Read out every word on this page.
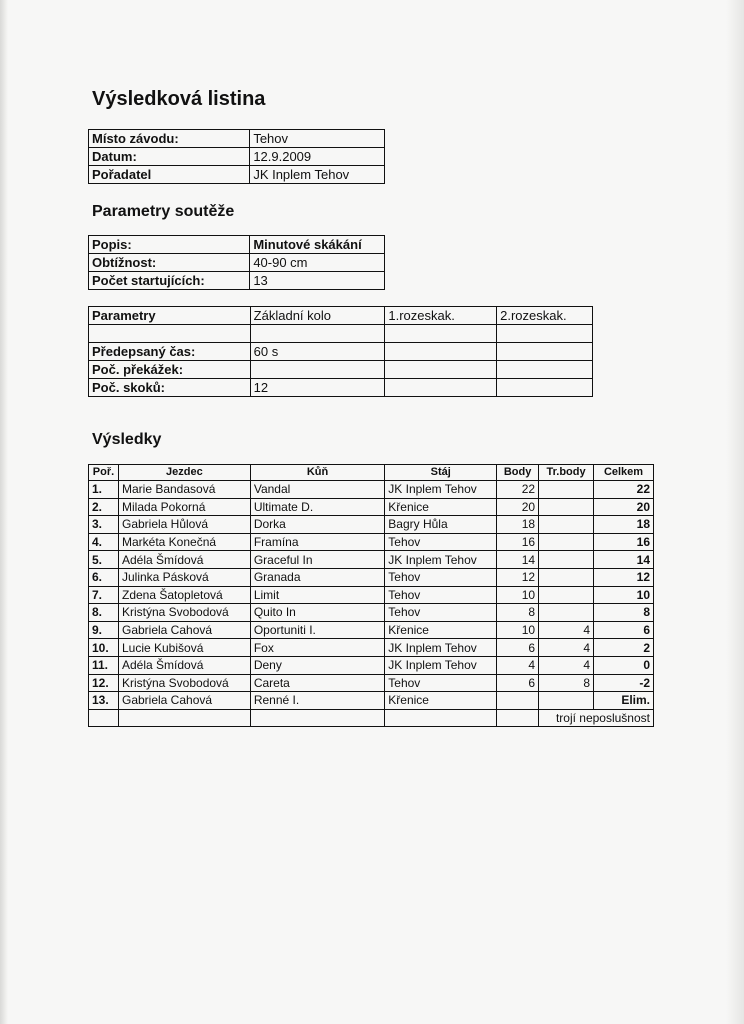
Výsledková listina
Místo závodu:	Tehov
Datum:	12.9.2009
Pořadatel	JK Inplem Tehov
Parametry soutěže
Popis:	Minutové skákání
Obtížnost:	40-90 cm
Počet startujících:	13
Parametry	Základní kolo	1.rozeskak.	2.rozeskak.

Předepsaný čas:	60 s		
Poč. překážek:			
Poč. skoků:	12		
Výsledky
Poř.	Jezdec	Kůň	Stáj	Body	Tr.body	Celkem
1.	Marie Bandasová	Vandal	JK Inplem Tehov	22		22
2.	Milada Pokorná	Ultimate D.	Křenice	20		20
3.	Gabriela Hůlová	Dorka	Bagry Hůla	18		18
4.	Markéta Konečná	Framína	Tehov	16		16
5.	Adéla Šmídová	Graceful In	JK Inplem Tehov	14		14
6.	Julinka Pásková	Granada	Tehov	12		12
7.	Zdena Šatopletová	Limit	Tehov	10		10
8.	Kristýna Svobodová	Quito In	Tehov	8		8
9.	Gabriela Cahová	Oportuniti I.	Křenice	10	4	6
10.	Lucie Kubišová	Fox	JK Inplem Tehov	6	4	2
11.	Adéla Šmídová	Deny	JK Inplem Tehov	4	4	0
12.	Kristýna Svobodová	Careta	Tehov	6	8	-2
13.	Gabriela Cahová	Renné I.	Křenice			Elim.
					trojí neposlušnost	
